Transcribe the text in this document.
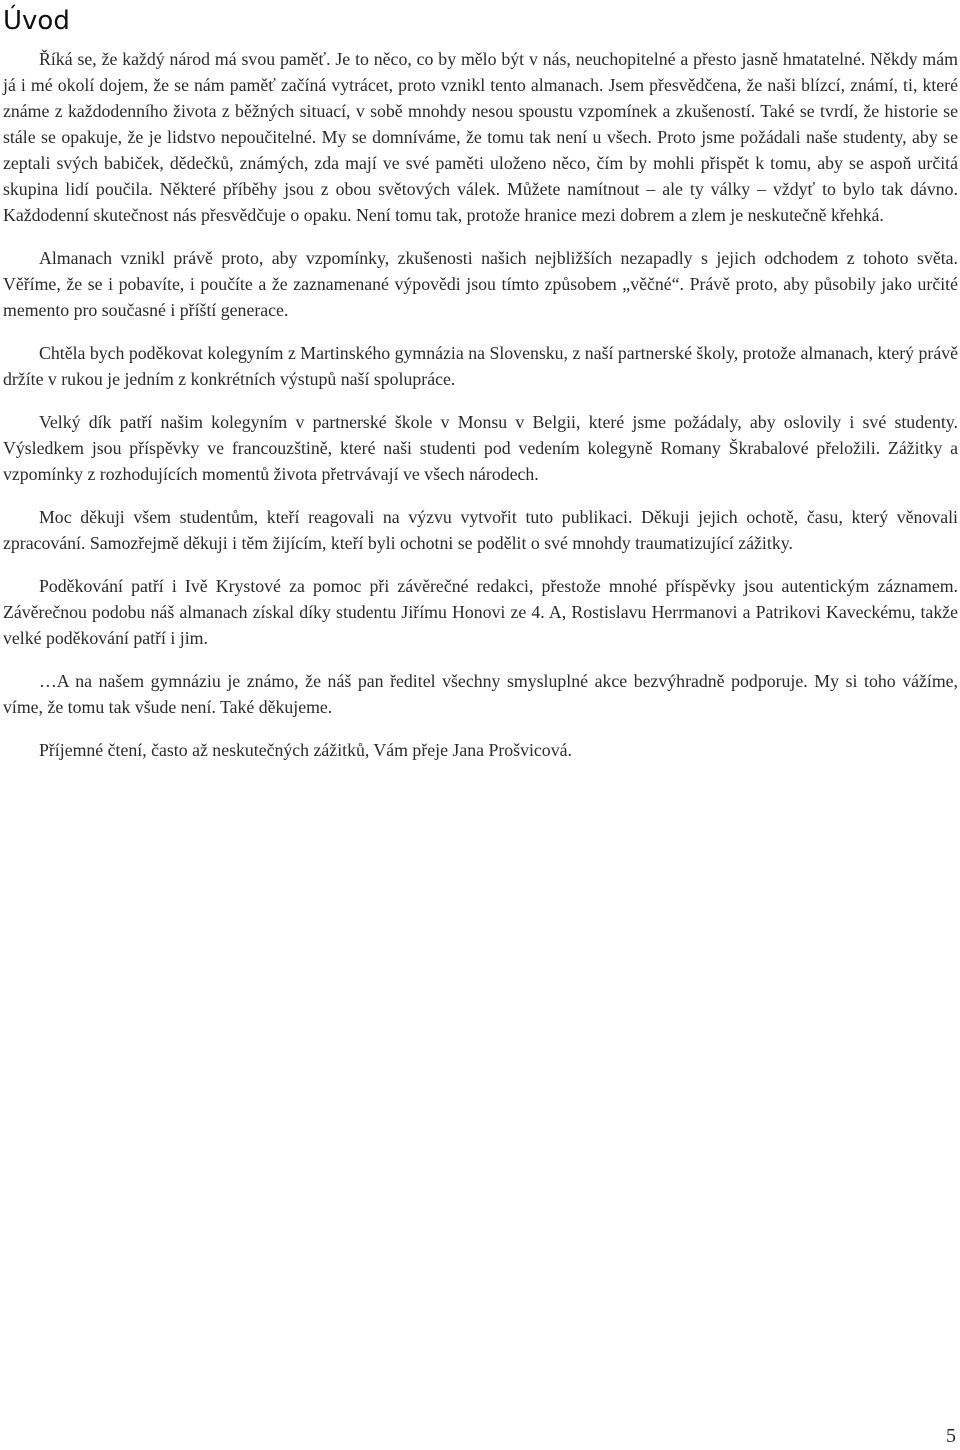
Úvod

Říká se, že každý národ má svou paměť. Je to něco, co by mělo být v nás, neuchopitelné a přesto jasně hmatatelné. Někdy mám já i mé okolí dojem, že se nám paměť začíná vytrácet, proto vznikl tento almanach. Jsem přesvědčena, že naši blízcí, známí, ti, které známe z každodenního života z běžných situací, v sobě mnohdy nesou spoustu vzpomínek a zkušeností. Také se tvrdí, že historie se stále se opakuje, že je lidstvo nepoučitelné. My se domníváme, že tomu tak není u všech. Proto jsme požádali naše studenty, aby se zeptali svých babiček, dědečků, známých, zda mají ve své paměti uloženo něco, čím by mohli přispět k tomu, aby se aspoň určitá skupina lidí poučila. Některé příběhy jsou z obou světových válek. Můžete namítnout – ale ty války – vždyť to bylo tak dávno. Každodenní skutečnost nás přesvědčuje o opaku. Není tomu tak, protože hranice mezi dobrem a zlem je neskutečně křehká.

Almanach vznikl právě proto, aby vzpomínky, zkušenosti našich nejbližších nezapadly s jejich odchodem z tohoto světa. Věříme, že se i pobavíte, i poučíte a že zaznamenané výpovědi jsou tímto způsobem „věčné“. Právě proto, aby působily jako určité memento pro současné i příští generace.

Chtěla bych poděkovat kolegyním z Martinského gymnázia na Slovensku, z naší partnerské školy, protože almanach, který právě držíte v rukou je jedním z konkrétních výstupů naší spolupráce.

Velký dík patří našim kolegyním v partnerské škole v Monsu v Belgii, které jsme požádaly, aby oslovily i své studenty. Výsledkem jsou příspěvky ve francouzštině, které naši studenti pod vedením kolegyně Romany Škrabalové přeložili. Zážitky a vzpomínky z rozhodujících momentů života přetrvávají ve všech národech.

Moc děkuji všem studentům, kteří reagovali na výzvu vytvořit tuto publikaci. Děkuji jejich ochotě, času, který věnovali zpracování. Samozřejmě děkuji i těm žijícím, kteří byli ochotni se podělit o své mnohdy traumatizující zážitky.

Poděkování patří i Ivě Krystové za pomoc při závěrečné redakci, přestože mnohé příspěvky jsou autentickým záznamem. Závěrečnou podobu náš almanach získal díky studentu Jiřímu Honovi ze 4. A, Rostislavu Herrmanovi a Patrikovi Kaveckému, takže velké poděkování patří i jim.

…A na našem gymnáziu je známo, že náš pan ředitel všechny smysluplné akce bezvýhradně podporuje. My si toho vážíme, víme, že tomu tak všude není. Také děkujeme.

Příjemné čtení, často až neskutečných zážitků, Vám přeje Jana Prošvicová.

5
